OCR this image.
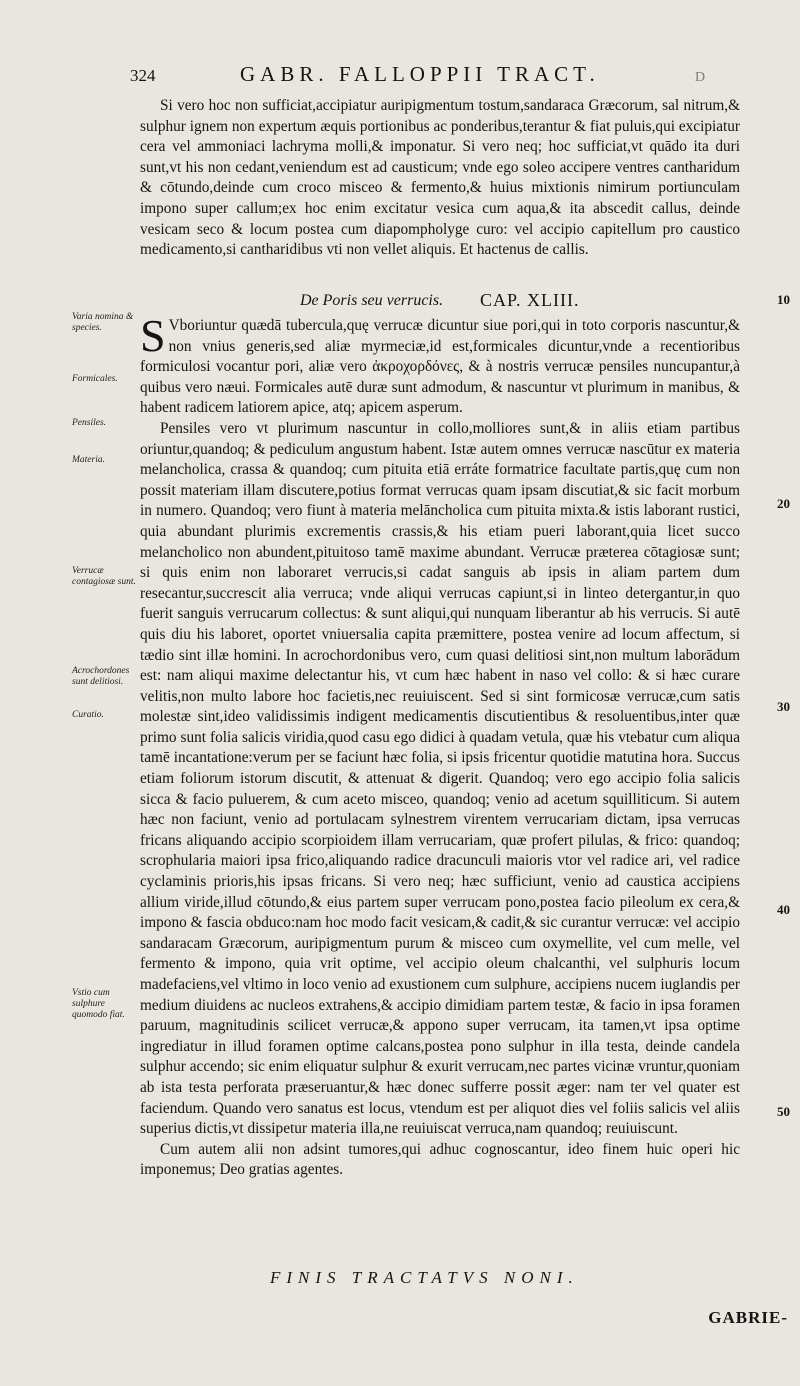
324	GABR. FALLOPPII TRACT.	D

Si vero hoc non sufficiat,accipiatur auripigmentum tostum,sandaraca Græcorum, sal nitrum,& sulphur ignem non expertum æquis portionibus ac ponderibus,terantur & fiat puluis,qui excipiatur cera vel ammoniaci lachryma molli,& imponatur. Si vero neq; hoc sufficiat,vt quādo ita duri sunt,vt his non cedant,veniendum est ad causticum; vnde ego soleo accipere ventres cantharidum & cōtundo,deinde cum croco misceo & fermento,& huius mixtionis nimirum portiunculam impono super callum;ex hoc enim excitatur vesica cum aqua,& ita abscedit callus, deinde vesicam seco & locum postea cum diapompholyge curo: vel accipio capitellum pro caustico medicamento,si cantharidibus vti non vellet aliquis. Et hactenus de callis.

De Poris seu verrucis. CAP. XLIII.

S Vboriuntur quædā tubercula,quę verrucæ dicuntur siue pori,qui in toto corporis nascuntur,& non vnius generis,sed aliæ myrmeciæ,id est,formicales dicuntur,vnde a recentioribus formiculosi vocantur pori, aliæ vero ἀκροχορδόνες, & à nostris verrucæ pensiles nuncupantur,à quibus vero næui. Formicales autē duræ sunt admodum, & nascuntur vt plurimum in manibus, & habent radicem latiorem apice, atq; apicem asperum.

Pensiles vero vt plurimum nascuntur in collo,molliores sunt,& in aliis etiam partibus oriuntur,quandoq; & pediculum angustum habent. Istæ autem omnes verrucæ nascūtur ex materia melancholica, crassa & quandoq; cum pituita etiā erráte formatrice facultate partis,quę cum non possit materiam illam discutere,potius format verrucas quam ipsam discutiat,& sic facit morbum in numero. Quandoq; vero fiunt à materia melāncholica cum pituita mixta.& istis laborant rustici, quia abundant plurimis excrementis crassis,& his etiam pueri laborant,quia licet succo melancholico non abundent,pituitoso tamē maxime abundant. Verrucæ præterea cōtagiosæ sunt; si quis enim non laboraret verrucis,si cadat sanguis ab ipsis in aliam partem dum resecantur,succrescit alia verruca; vnde aliqui verrucas capiunt,si in linteo detergantur,in quo fuerit sanguis verrucarum collectus: & sunt aliqui,qui nunquam liberantur ab his verrucis. Si autē quis diu his laboret, oportet vniuersalia capita præmittere, postea venire ad locum affectum, si tædio sint illæ homini. In acrochordonibus vero, cum quasi delitiosi sint,non multum laborādum est: nam aliqui maxime delectantur his, vt cum hæc habent in naso vel collo: & si hæc curare velitis,non multo labore hoc facietis,nec reuiuiscent. Sed si sint formicosæ verrucæ,cum satis molestæ sint,ideo validissimis indigent medicamentis discutientibus & resoluentibus,inter quæ primo sunt folia salicis viridia,quod casu ego didici à quadam vetula, quæ his vtebatur cum aliqua tamē incantatione:verum per se faciunt hæc folia, si ipsis fricentur quotidie matutina hora. Succus etiam foliorum istorum discutit, & attenuat & digerit. Quandoq; vero ego accipio folia salicis sicca & facio puluerem, & cum aceto misceo, quandoq; venio ad acetum squilliticum. Si autem hæc non faciunt, venio ad portulacam sylnestrem virentem verrucariam dictam, ipsa verrucas fricans aliquando accipio scorpioidem illam verrucariam, quæ profert pilulas, & frico: quandoq; scrophularia maiori ipsa frico,aliquando radice dracunculi maioris vtor vel radice ari, vel radice cyclaminis prioris,his ipsas fricans. Si vero neq; hæc sufficiunt, venio ad caustica accipiens allium viride,illud cōtundo,& eius partem super verrucam pono,postea facio pileolum ex cera,& impono & fascia obduco:nam hoc modo facit vesicam,& cadit,& sic curantur verrucæ: vel accipio sandaracam Græcorum, auripigmentum purum & misceo cum oxymellite, vel cum melle, vel fermento & impono, quia vrit optime, vel accipio oleum chalcanthi, vel sulphuris locum madefaciens,vel vltimo in loco venio ad exustionem cum sulphure, accipiens nucem iuglandis per medium diuidens ac nucleos extrahens,& accipio dimidiam partem testæ, & facio in ipsa foramen paruum, magnitudinis scilicet verrucæ,& appono super verrucam, ita tamen,vt ipsa optime ingrediatur in illud foramen optime calcans,postea pono sulphur in illa testa, deinde candela sulphur accendo; sic enim eliquatur sulphur & exurit verrucam,nec partes vicinæ vruntur,quoniam ab ista testa perforata præseruantur,& hæc donec sufferre possit æger: nam ter vel quater est faciendum. Quando vero sanatus est locus, vtendum est per aliquot dies vel foliis salicis vel aliis superius dictis,vt dissipetur materia illa,ne reuiuiscat verruca,nam quandoq; reuiuiscunt.

Cum autem alii non adsint tumores,qui adhuc cognoscantur, ideo finem huic operi hic imponemus; Deo gratias agentes.

Varia nomina & species.
Formicales.
Pensiles.
Materia.
Verrucæ contagiosæ sunt.
Acrochordones sunt delitiosi.
Curatio.
Vstio cum sulphure quomodo fiat.
10
20
30
40
50
FINIS TRACTATVS NONI.
GABRIE-
